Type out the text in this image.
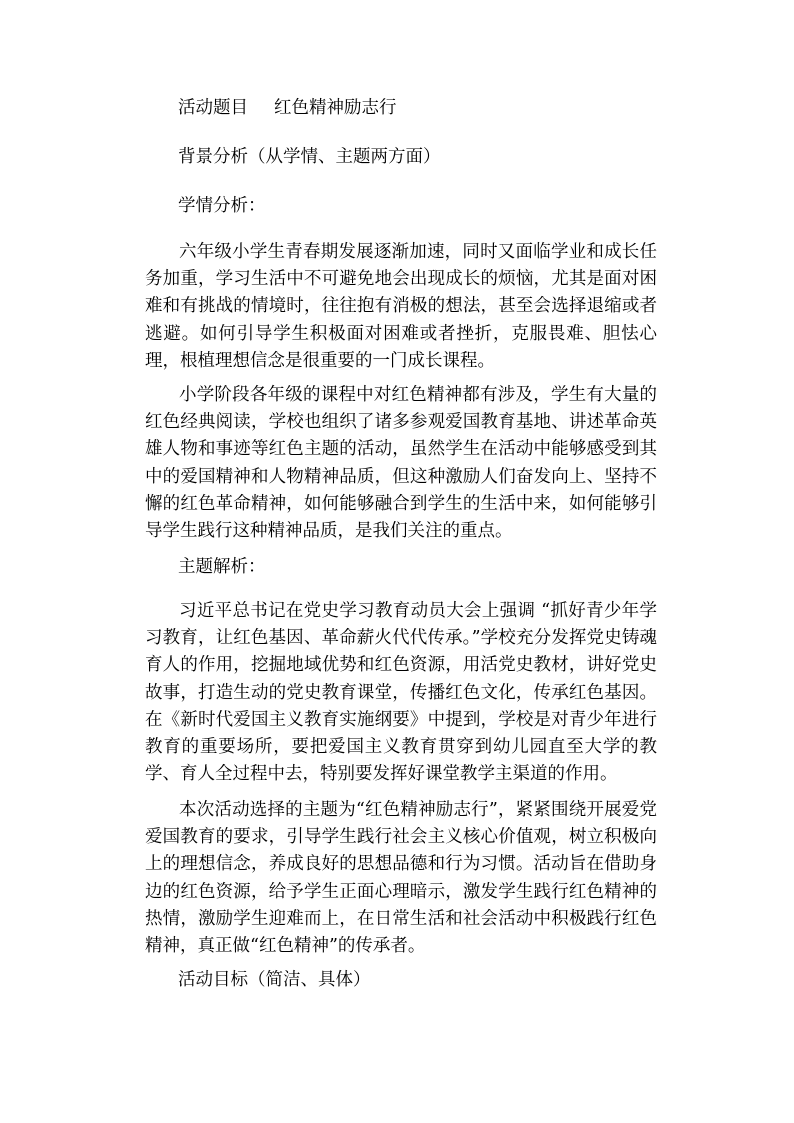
活动题目 红色精神励志行

背景分析（从学情、主题两方面）

学情分析：

六年级小学生青春期发展逐渐加速，同时又面临学业和成长任务加重，学习生活中不可避免地会出现成长的烦恼，尤其是面对困难和有挑战的情境时，往往抱有消极的想法，甚至会选择退缩或者逃避。如何引导学生积极面对困难或者挫折，克服畏难、胆怯心理，根植理想信念是很重要的一门成长课程。

小学阶段各年级的课程中对红色精神都有涉及，学生有大量的红色经典阅读，学校也组织了诸多参观爱国教育基地、讲述革命英雄人物和事迹等红色主题的活动，虽然学生在活动中能够感受到其中的爱国精神和人物精神品质，但这种激励人们奋发向上、坚持不懈的红色革命精神，如何能够融合到学生的生活中来，如何能够引导学生践行这种精神品质，是我们关注的重点。

主题解析：

习近平总书记在党史学习教育动员大会上强调 “抓好青少年学习教育，让红色基因、革命薪火代代传承。”学校充分发挥党史铸魂育人的作用，挖掘地域优势和红色资源，用活党史教材，讲好党史故事，打造生动的党史教育课堂，传播红色文化，传承红色基因。在《新时代爱国主义教育实施纲要》中提到，学校是对青少年进行教育的重要场所，要把爱国主义教育贯穿到幼儿园直至大学的教学、育人全过程中去，特别要发挥好课堂教学主渠道的作用。

本次活动选择的主题为“红色精神励志行”，紧紧围绕开展爱党爱国教育的要求，引导学生践行社会主义核心价值观，树立积极向上的理想信念，养成良好的思想品德和行为习惯。活动旨在借助身边的红色资源，给予学生正面心理暗示，激发学生践行红色精神的热情，激励学生迎难而上，在日常生活和社会活动中积极践行红色精神，真正做“红色精神”的传承者。

活动目标（简洁、具体）
